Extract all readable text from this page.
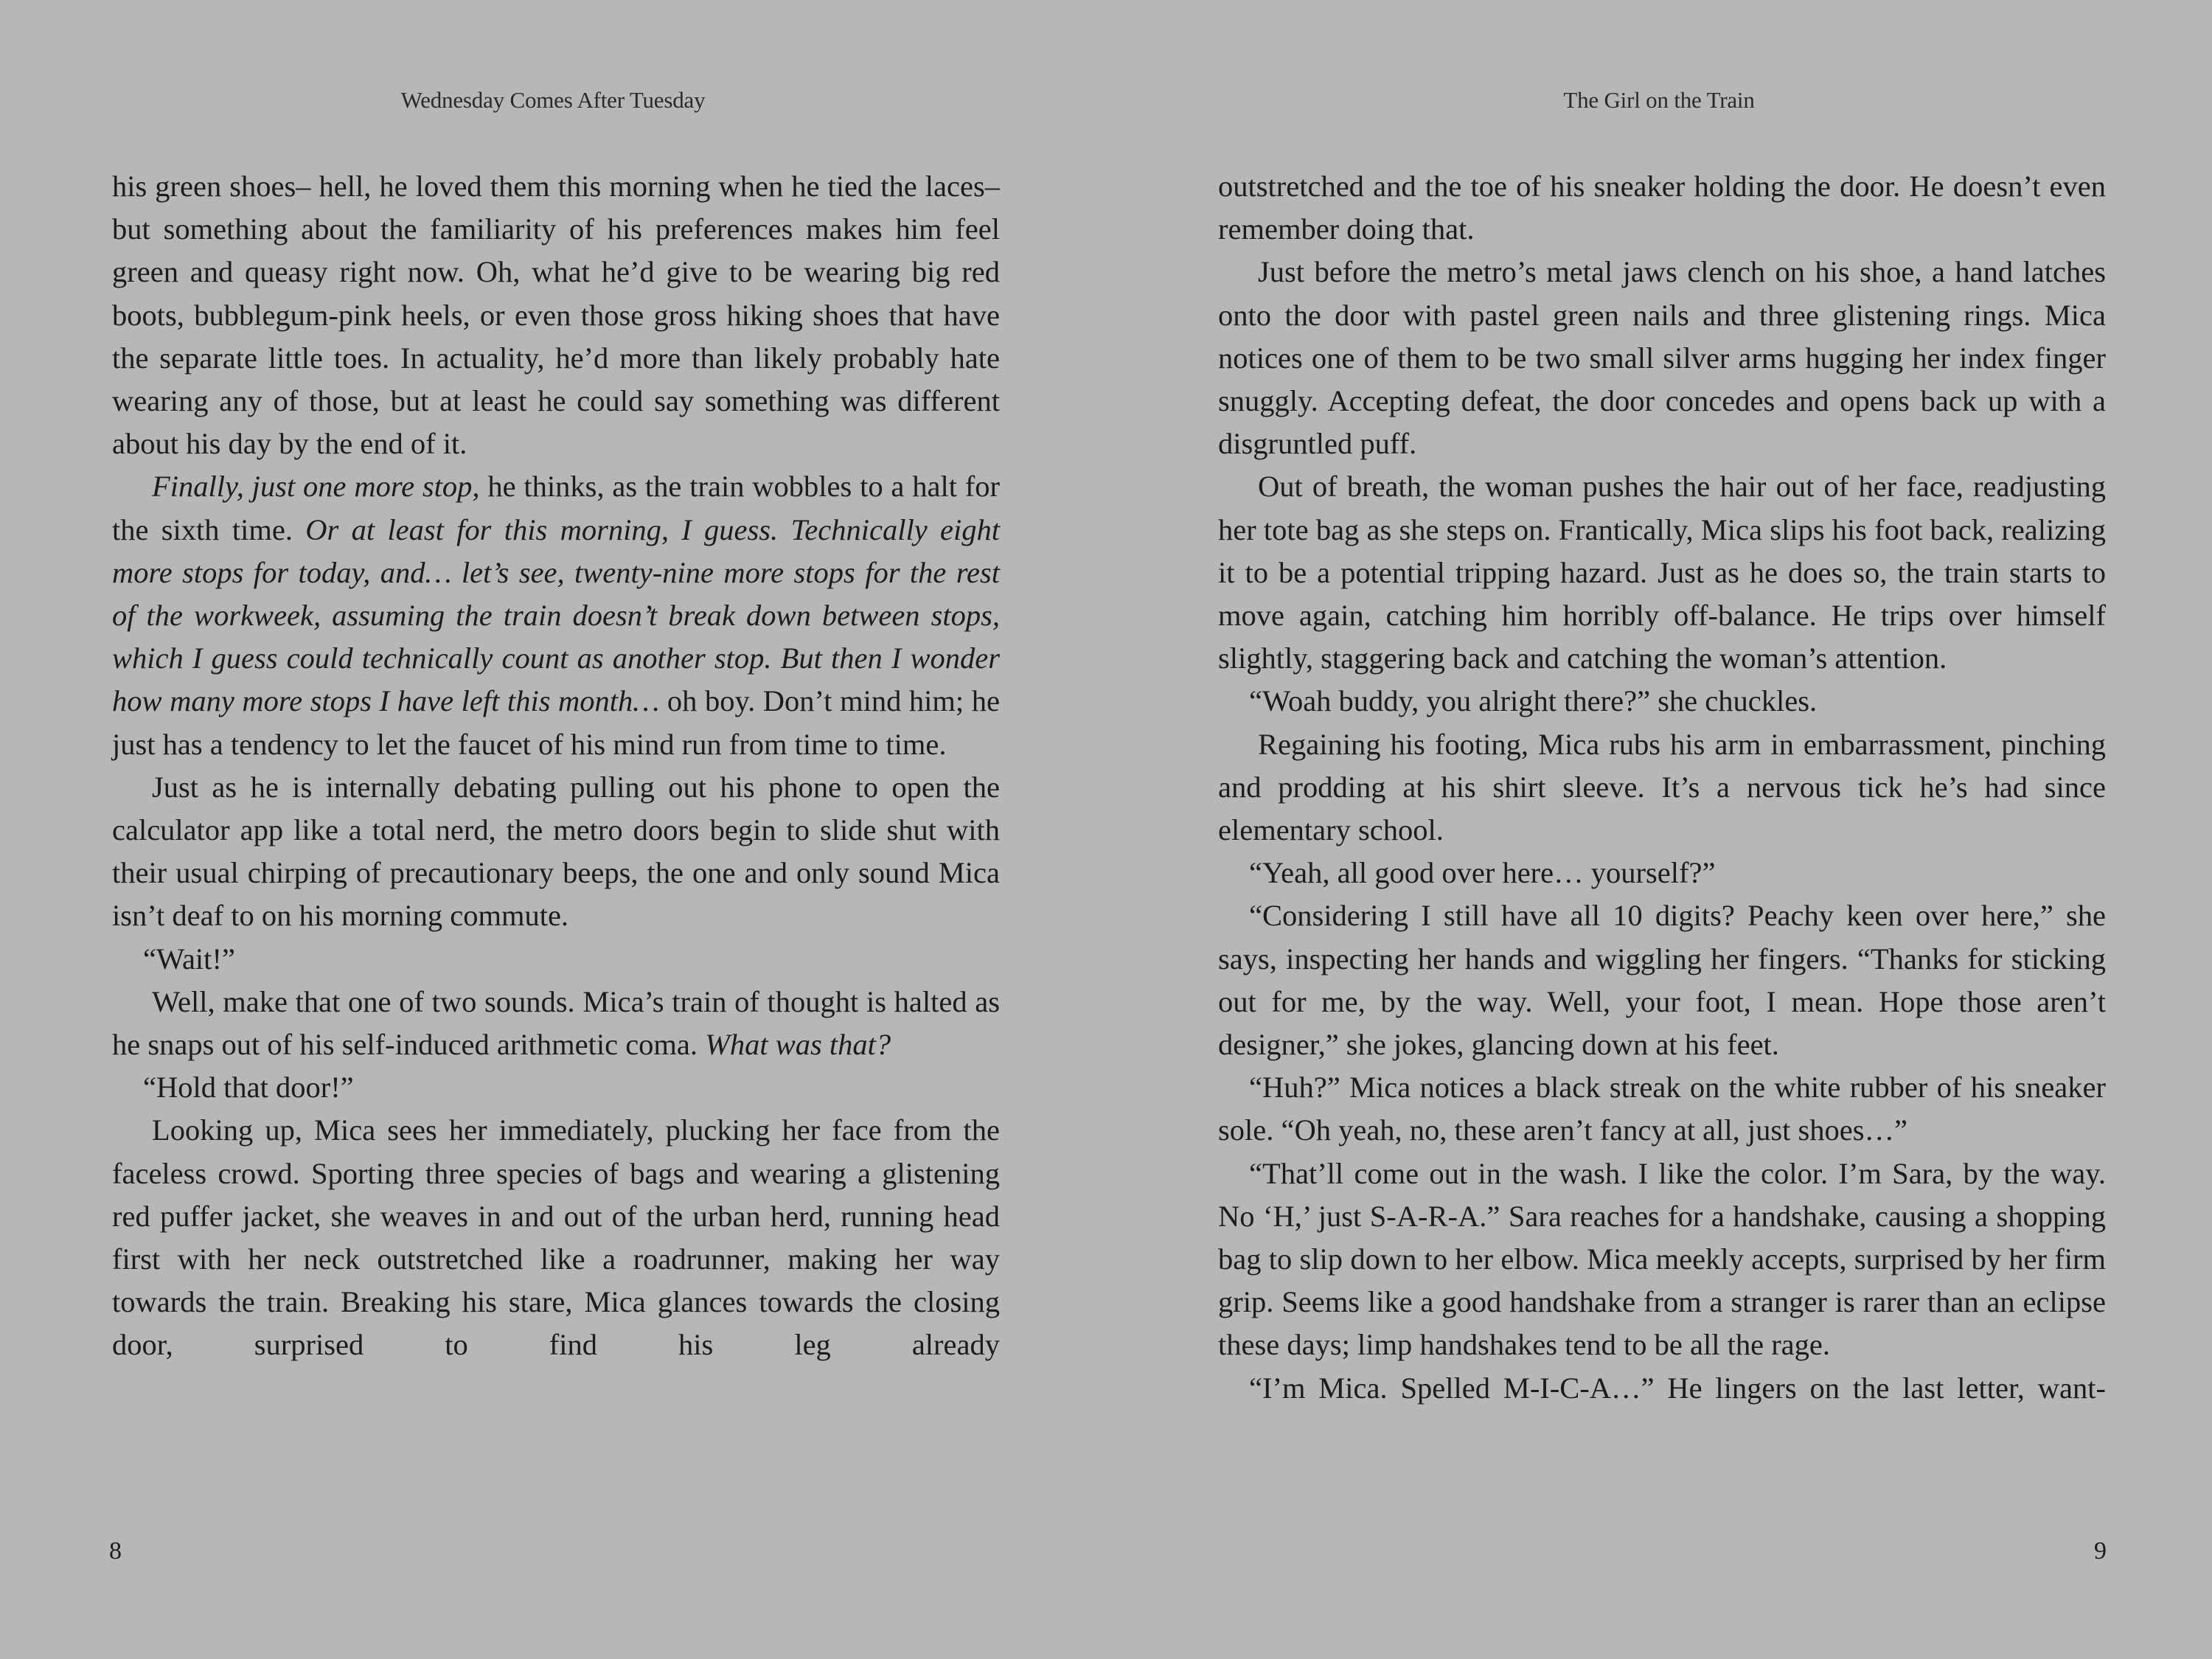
Wednesday Comes After Tuesday

his green shoes– hell, he loved them this morning when he tied the laces– but something about the familiarity of his preferences makes him feel green and queasy right now. Oh, what he’d give to be wearing big red boots, bubblegum-pink heels, or even those gross hiking shoes that have the separate little toes. In actuality, he’d more than likely probably hate wearing any of those, but at least he could say something was different about his day by the end of it.

Finally, just one more stop, he thinks, as the train wobbles to a halt for the sixth time. Or at least for this morning, I guess. Technically eight more stops for today, and… let’s see, twenty-nine more stops for the rest of the workweek, assuming the train doesn’t break down between stops, which I guess could technically count as another stop. But then I wonder how many more stops I have left this month… oh boy. Don’t mind him; he just has a tendency to let the faucet of his mind run from time to time.

Just as he is internally debating pulling out his phone to open the calculator app like a total nerd, the metro doors begin to slide shut with their usual chirping of precautionary beeps, the one and only sound Mica isn’t deaf to on his morning commute.

“Wait!”

Well, make that one of two sounds. Mica’s train of thought is halted as he snaps out of his self-induced arithmetic coma. What was that?

“Hold that door!”

Looking up, Mica sees her immediately, plucking her face from the faceless crowd. Sporting three species of bags and wearing a glistening red puffer jacket, she weaves in and out of the urban herd, running head first with her neck outstretched like a roadrunner, making her way towards the train. Breaking his stare, Mica glances towards the closing door, surprised to find his leg already

8
The Girl on the Train

outstretched and the toe of his sneaker holding the door. He doesn’t even remember doing that.

Just before the metro’s metal jaws clench on his shoe, a hand latches onto the door with pastel green nails and three glistening rings. Mica notices one of them to be two small silver arms hugging her index finger snuggly. Accepting defeat, the door concedes and opens back up with a disgruntled puff.

Out of breath, the woman pushes the hair out of her face, readjusting her tote bag as she steps on. Frantically, Mica slips his foot back, realizing it to be a potential tripping hazard. Just as he does so, the train starts to move again, catching him horribly off-balance. He trips over himself slightly, staggering back and catching the woman’s attention.

“Woah buddy, you alright there?” she chuckles.

Regaining his footing, Mica rubs his arm in embarrassment, pinching and prodding at his shirt sleeve. It’s a nervous tick he’s had since elementary school.

“Yeah, all good over here… yourself?”

“Considering I still have all 10 digits? Peachy keen over here,” she says, inspecting her hands and wiggling her fingers. “Thanks for sticking out for me, by the way. Well, your foot, I mean. Hope those aren’t designer,” she jokes, glancing down at his feet.

“Huh?” Mica notices a black streak on the white rubber of his sneaker sole. “Oh yeah, no, these aren’t fancy at all, just shoes…”

“That’ll come out in the wash. I like the color. I’m Sara, by the way. No ‘H,’ just S-A-R-A.” Sara reaches for a handshake, causing a shopping bag to slip down to her elbow. Mica meekly accepts, surprised by her firm grip. Seems like a good handshake from a stranger is rarer than an eclipse these days; limp handshakes tend to be all the rage.

“I’m Mica. Spelled M-I-C-A…” He lingers on the last letter, want-

9
